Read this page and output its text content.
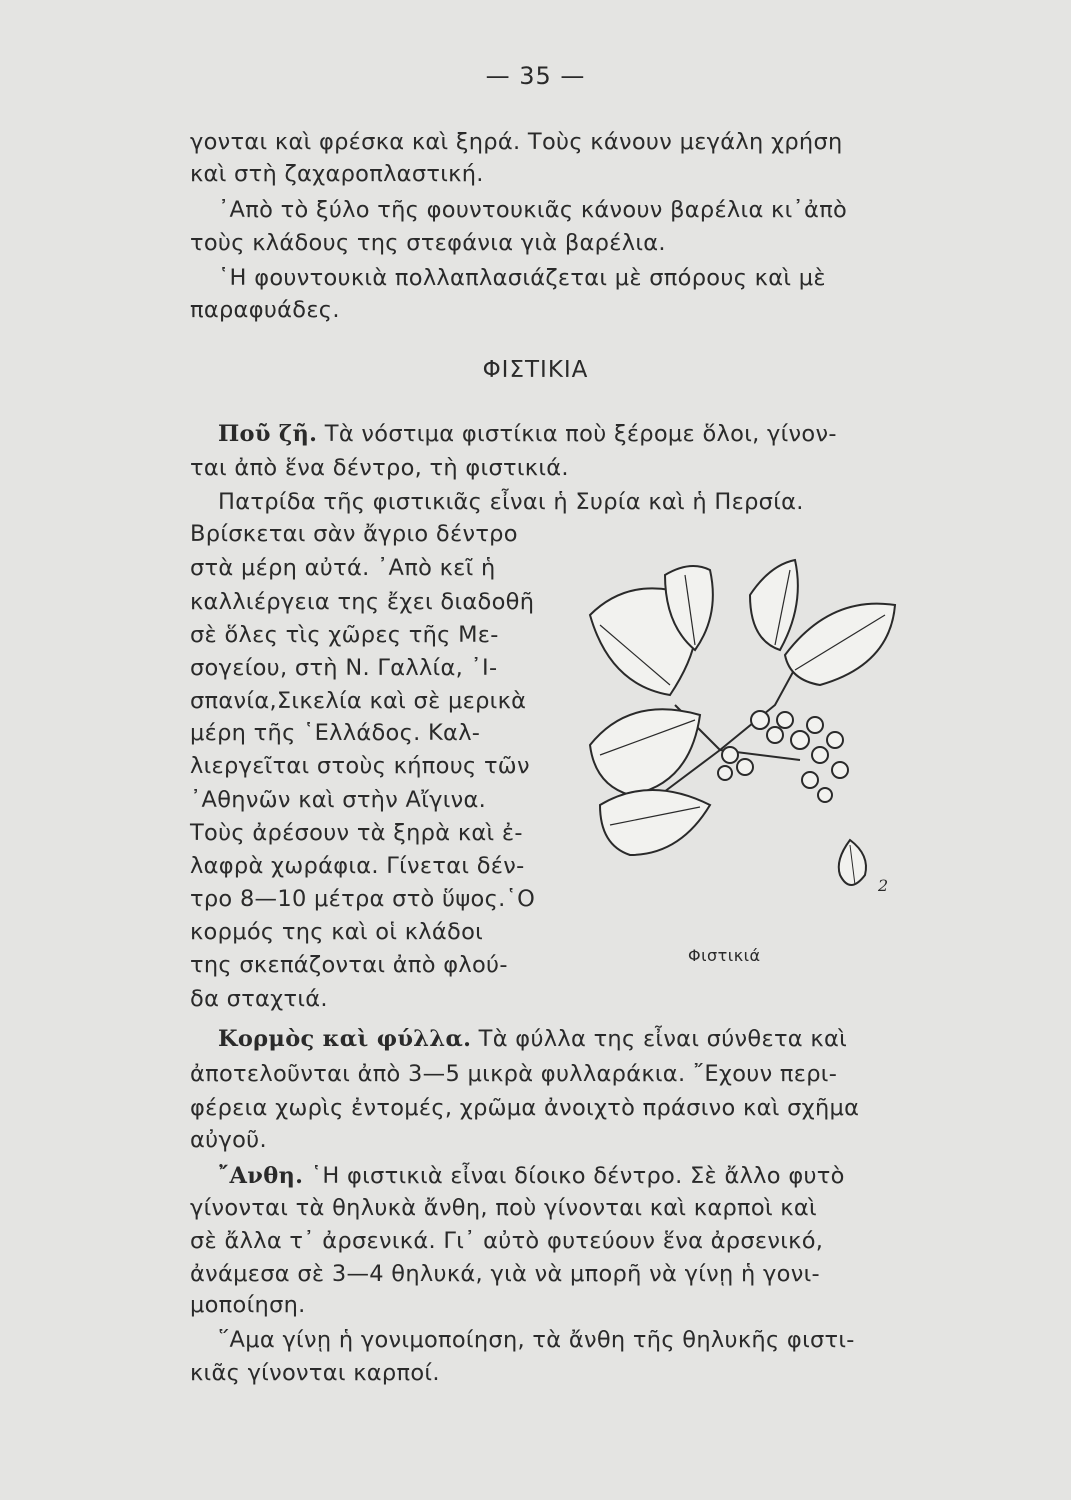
— 35 —
γονται καὶ φρέσκα καὶ ξηρά. Τοὺς κάνουν μεγάλη χρήση
καὶ στὴ ζαχαροπλαστική.
᾿Απὸ τὸ ξύλο τῆς φουντουκιᾶς κάνουν βαρέλια κι᾿ἀπὸ
τοὺς κλάδους της στεφάνια γιὰ βαρέλια.
῾Η φουντουκιὰ πολλαπλασιάζεται μὲ σπόρους καὶ μὲ
παραφυάδες.
ΦΙΣΤΙΚΙΑ
Ποῦ ζῆ. Τὰ νόστιμα φιστίκια ποὺ ξέρομε ὅλοι, γίνον-
ται ἀπὸ ἕνα δέντρο, τὴ φιστικιά.
Πατρίδα τῆς φιστικιᾶς εἶναι ἡ Συρία καὶ ἡ Περσία.
Βρίσκεται σὰν ἄγριο δέντρο
στὰ μέρη αὐτά. ᾿Απὸ κεῖ ἡ
καλλιέργεια της ἔχει διαδοθῆ
σὲ ὅλες τὶς χῶρες τῆς Με-
σογείου, στὴ Ν. Γαλλία, ᾿Ι-
σπανία,Σικελία καὶ σὲ μερικὰ
μέρη τῆς ῾Ελλάδος. Καλ-
λιεργεῖται στοὺς κήπους τῶν
᾿Αθηνῶν καὶ στὴν Αἴγινα.
Τοὺς ἀρέσουν τὰ ξηρὰ καὶ ἐ-
λαφρὰ χωράφια. Γίνεται δέν-
τρο 8—10 μέτρα στὸ ὕψος.῾Ο
κορμός της καὶ οἱ κλάδοι
της σκεπάζονται ἀπὸ φλού-
δα σταχτιά.
2
Φιστικιά
Κορμὸς καὶ φύλλα. Τὰ φύλλα της εἶναι σύνθετα καὶ
ἀποτελοῦνται ἀπὸ 3—5 μικρὰ φυλλαράκια. ῎Εχουν περι-
φέρεια χωρὶς ἐντομές, χρῶμα ἀνοιχτὸ πράσινο καὶ σχῆμα
αὐγοῦ.
῎Ανθη. ῾Η φιστικιὰ εἶναι δίοικο δέντρο. Σὲ ἄλλο φυτὸ
γίνονται τὰ θηλυκὰ ἄνθη, ποὺ γίνονται καὶ καρποὶ καὶ
σὲ ἄλλα τ᾿ ἀρσενικά. Γι᾿ αὐτὸ φυτεύουν ἕνα ἀρσενικό,
ἀνάμεσα σὲ 3—4 θηλυκά, γιὰ νὰ μπορῆ νὰ γίνῃ ἡ γονι-
μοποίηση.
῞Αμα γίνῃ ἡ γονιμοποίηση, τὰ ἄνθη τῆς θηλυκῆς φιστι-
κιᾶς γίνονται καρποί.
